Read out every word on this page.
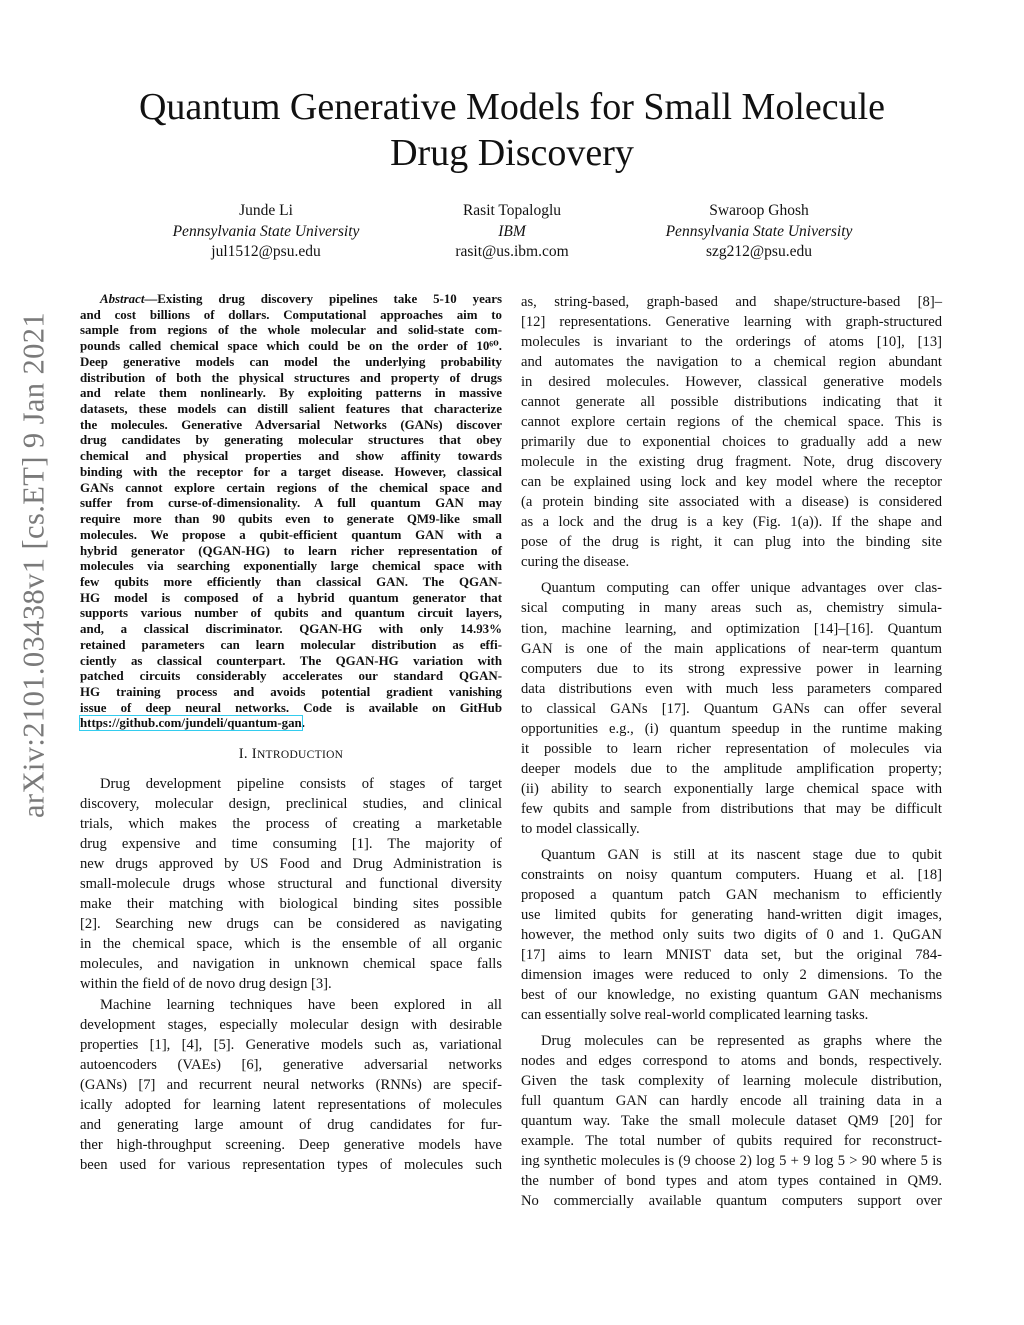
arXiv:2101.03438v1 [cs.ET] 9 Jan 2021
Quantum Generative Models for Small Molecule
Drug Discovery
Junde Li
Pennsylvania State University
jul1512@psu.edu
Rasit Topaloglu
IBM
rasit@us.ibm.com
Swaroop Ghosh
Pennsylvania State University
szg212@psu.edu
Abstract—Existing drug discovery pipelines take 5-10 years
and cost billions of dollars. Computational approaches aim to
sample from regions of the whole molecular and solid-state com-
pounds called chemical space which could be on the order of 10⁶⁰.
Deep generative models can model the underlying probability
distribution of both the physical structures and property of drugs
and relate them nonlinearly. By exploiting patterns in massive
datasets, these models can distill salient features that characterize
the molecules. Generative Adversarial Networks (GANs) discover
drug candidates by generating molecular structures that obey
chemical and physical properties and show affinity towards
binding with the receptor for a target disease. However, classical
GANs cannot explore certain regions of the chemical space and
suffer from curse-of-dimensionality. A full quantum GAN may
require more than 90 qubits even to generate QM9-like small
molecules. We propose a qubit-efficient quantum GAN with a
hybrid generator (QGAN-HG) to learn richer representation of
molecules via searching exponentially large chemical space with
few qubits more efficiently than classical GAN. The QGAN-
HG model is composed of a hybrid quantum generator that
supports various number of qubits and quantum circuit layers,
and, a classical discriminator. QGAN-HG with only 14.93%
retained parameters can learn molecular distribution as effi-
ciently as classical counterpart. The QGAN-HG variation with
patched circuits considerably accelerates our standard QGAN-
HG training process and avoids potential gradient vanishing
issue of deep neural networks. Code is available on GitHub
https://github.com/jundeli/quantum-gan.
I. INTRODUCTION
Drug development pipeline consists of stages of target
discovery, molecular design, preclinical studies, and clinical
trials, which makes the process of creating a marketable
drug expensive and time consuming [1]. The majority of
new drugs approved by US Food and Drug Administration is
small-molecule drugs whose structural and functional diversity
make their matching with biological binding sites possible
[2]. Searching new drugs can be considered as navigating
in the chemical space, which is the ensemble of all organic
molecules, and navigation in unknown chemical space falls
within the field of de novo drug design [3].
Machine learning techniques have been explored in all
development stages, especially molecular design with desirable
properties [1], [4], [5]. Generative models such as, variational
autoencoders (VAEs) [6], generative adversarial networks
(GANs) [7] and recurrent neural networks (RNNs) are specif-
ically adopted for learning latent representations of molecules
and generating large amount of drug candidates for fur-
ther high-throughput screening. Deep generative models have
been used for various representation types of molecules such
as, string-based, graph-based and shape/structure-based [8]–
[12] representations. Generative learning with graph-structured
molecules is invariant to the orderings of atoms [10], [13]
and automates the navigation to a chemical region abundant
in desired molecules. However, classical generative models
cannot generate all possible distributions indicating that it
cannot explore certain regions of the chemical space. This is
primarily due to exponential choices to gradually add a new
molecule in the existing drug fragment. Note, drug discovery
can be explained using lock and key model where the receptor
(a protein binding site associated with a disease) is considered
as a lock and the drug is a key (Fig. 1(a)). If the shape and
pose of the drug is right, it can plug into the binding site
curing the disease.
Quantum computing can offer unique advantages over clas-
sical computing in many areas such as, chemistry simula-
tion, machine learning, and optimization [14]–[16]. Quantum
GAN is one of the main applications of near-term quantum
computers due to its strong expressive power in learning
data distributions even with much less parameters compared
to classical GANs [17]. Quantum GANs can offer several
opportunities e.g., (i) quantum speedup in the runtime making
it possible to learn richer representation of molecules via
deeper models due to the amplitude amplification property;
(ii) ability to search exponentially large chemical space with
few qubits and sample from distributions that may be difficult
to model classically.
Quantum GAN is still at its nascent stage due to qubit
constraints on noisy quantum computers. Huang et al. [18]
proposed a quantum patch GAN mechanism to efficiently
use limited qubits for generating hand-written digit images,
however, the method only suits two digits of 0 and 1. QuGAN
[17] aims to learn MNIST data set, but the original 784-
dimension images were reduced to only 2 dimensions. To the
best of our knowledge, no existing quantum GAN mechanisms
can essentially solve real-world complicated learning tasks.
Drug molecules can be represented as graphs where the
nodes and edges correspond to atoms and bonds, respectively.
Given the task complexity of learning molecule distribution,
full quantum GAN can hardly encode all training data in a
quantum way. Take the small molecule dataset QM9 [20] for
example. The total number of qubits required for reconstruct-
ing synthetic molecules is (9 choose 2) log 5 + 9 log 5 > 90 where 5 is
the number of bond types and atom types contained in QM9.
No commercially available quantum computers support over
